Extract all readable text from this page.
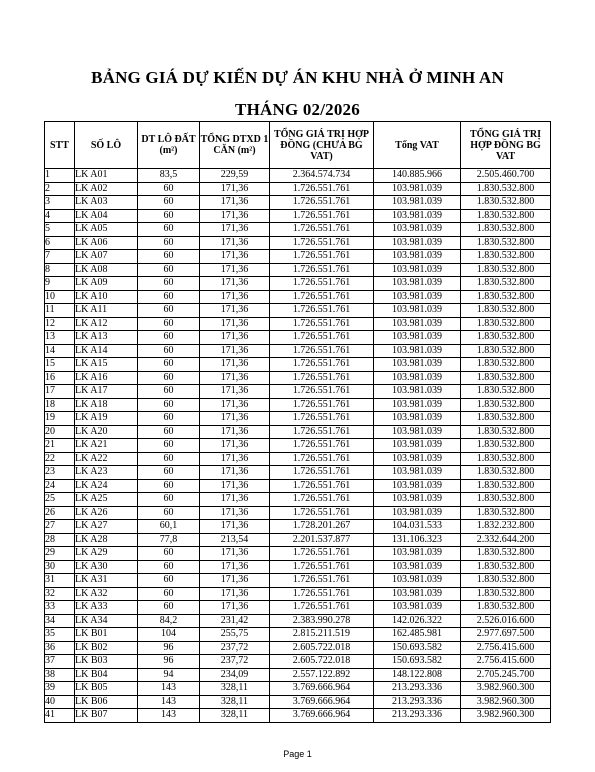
BẢNG GIÁ DỰ KIẾN DỰ ÁN KHU NHÀ Ở MINH AN
THÁNG 02/2026
STT	SỐ LÔ	DT LÔ ĐẤT (m²)	TỔNG DTXD 1 CĂN (m²)	TỔNG GIÁ TRỊ HỢP ĐỒNG (CHƯA BG VAT)	Tổng VAT	TỔNG GIÁ TRỊ HỢP ĐỒNG BG VAT
1	LK A01	83,5	229,59	2.364.574.734	140.885.966	2.505.460.700
2	LK A02	60	171,36	1.726.551.761	103.981.039	1.830.532.800
3	LK A03	60	171,36	1.726.551.761	103.981.039	1.830.532.800
4	LK A04	60	171,36	1.726.551.761	103.981.039	1.830.532.800
5	LK A05	60	171,36	1.726.551.761	103.981.039	1.830.532.800
6	LK A06	60	171,36	1.726.551.761	103.981.039	1.830.532.800
7	LK A07	60	171,36	1.726.551.761	103.981.039	1.830.532.800
8	LK A08	60	171,36	1.726.551.761	103.981.039	1.830.532.800
9	LK A09	60	171,36	1.726.551.761	103.981.039	1.830.532.800
10	LK A10	60	171,36	1.726.551.761	103.981.039	1.830.532.800
11	LK A11	60	171,36	1.726.551.761	103.981.039	1.830.532.800
12	LK A12	60	171,36	1.726.551.761	103.981.039	1.830.532.800
13	LK A13	60	171,36	1.726.551.761	103.981.039	1.830.532.800
14	LK A14	60	171,36	1.726.551.761	103.981.039	1.830.532.800
15	LK A15	60	171,36	1.726.551.761	103.981.039	1.830.532.800
16	LK A16	60	171,36	1.726.551.761	103.981.039	1.830.532.800
17	LK A17	60	171,36	1.726.551.761	103.981.039	1.830.532.800
18	LK A18	60	171,36	1.726.551.761	103.981.039	1.830.532.800
19	LK A19	60	171,36	1.726.551.761	103.981.039	1.830.532.800
20	LK A20	60	171,36	1.726.551.761	103.981.039	1.830.532.800
21	LK A21	60	171,36	1.726.551.761	103.981.039	1.830.532.800
22	LK A22	60	171,36	1.726.551.761	103.981.039	1.830.532.800
23	LK A23	60	171,36	1.726.551.761	103.981.039	1.830.532.800
24	LK A24	60	171,36	1.726.551.761	103.981.039	1.830.532.800
25	LK A25	60	171,36	1.726.551.761	103.981.039	1.830.532.800
26	LK A26	60	171,36	1.726.551.761	103.981.039	1.830.532.800
27	LK A27	60,1	171,36	1.728.201.267	104.031.533	1.832.232.800
28	LK A28	77,8	213,54	2.201.537.877	131.106.323	2.332.644.200
29	LK A29	60	171,36	1.726.551.761	103.981.039	1.830.532.800
30	LK A30	60	171,36	1.726.551.761	103.981.039	1.830.532.800
31	LK A31	60	171,36	1.726.551.761	103.981.039	1.830.532.800
32	LK A32	60	171,36	1.726.551.761	103.981.039	1.830.532.800
33	LK A33	60	171,36	1.726.551.761	103.981.039	1.830.532.800
34	LK A34	84,2	231,42	2.383.990.278	142.026.322	2.526.016.600
35	LK B01	104	255,75	2.815.211.519	162.485.981	2.977.697.500
36	LK B02	96	237,72	2.605.722.018	150.693.582	2.756.415.600
37	LK B03	96	237,72	2.605.722.018	150.693.582	2.756.415.600
38	LK B04	94	234,09	2.557.122.892	148.122.808	2.705.245.700
39	LK B05	143	328,11	3.769.666.964	213.293.336	3.982.960.300
40	LK B06	143	328,11	3.769.666.964	213.293.336	3.982.960.300
41	LK B07	143	328,11	3.769.666.964	213.293.336	3.982.960.300
Page 1
